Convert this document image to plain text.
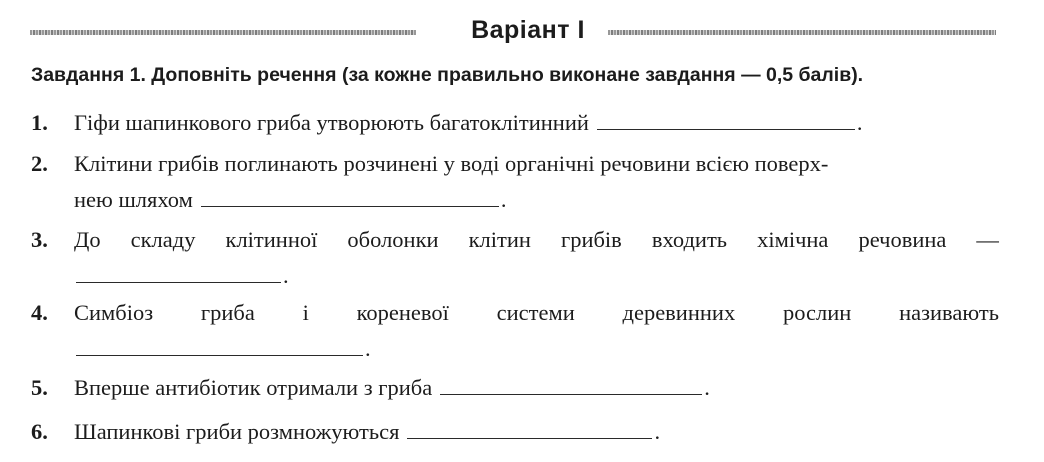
Варіант I
Завдання 1. Доповніть речення (за кожне правильно виконане завдання — 0,5 балів).
1.	Гіфи шапинкового гриба утворюють багатоклітинний	.
2.	Клітини грибів поглинають розчинені у воді органічні речовини всією поверх-
нею шляхом	.
3.	До складу клітинної оболонки клітин грибів входить хімічна речовина —
.
4.	Симбіоз гриба і кореневої системи деревинних рослин називають
.
5.	Вперше антибіотик отримали з гриба	.
6.	Шапинкові гриби розмножуються	.
